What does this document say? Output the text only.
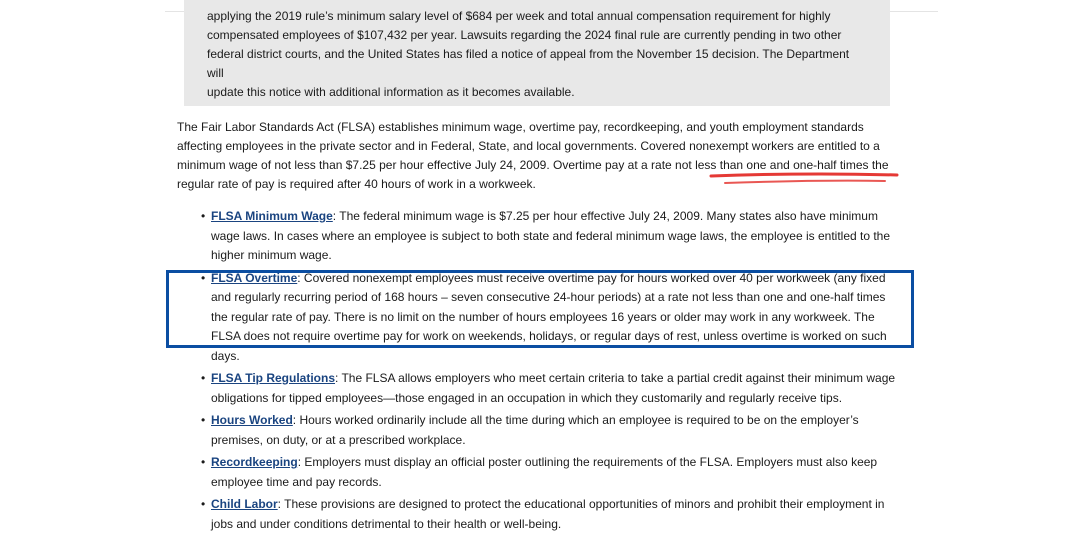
applying the 2019 rule’s minimum salary level of $684 per week and total annual compensation requirement for highly
compensated employees of $107,432 per year. Lawsuits regarding the 2024 final rule are currently pending in two other
federal district courts, and the United States has filed a notice of appeal from the November 15 decision. The Department will
update this notice with additional information as it becomes available.

The Fair Labor Standards Act (FLSA) establishes minimum wage, overtime pay, recordkeeping, and youth employment standards affecting employees in the private sector and in Federal, State, and local governments. Covered nonexempt workers are entitled to a minimum wage of not less than $7.25 per hour effective July 24, 2009. Overtime pay at a rate not less than one and one-half times the regular rate of pay is required after 40 hours of work in a workweek.

• FLSA Minimum Wage: The federal minimum wage is $7.25 per hour effective July 24, 2009. Many states also have minimum wage laws. In cases where an employee is subject to both state and federal minimum wage laws, the employee is entitled to the higher minimum wage.
• FLSA Overtime: Covered nonexempt employees must receive overtime pay for hours worked over 40 per workweek (any fixed and regularly recurring period of 168 hours – seven consecutive 24-hour periods) at a rate not less than one and one-half times the regular rate of pay. There is no limit on the number of hours employees 16 years or older may work in any workweek. The FLSA does not require overtime pay for work on weekends, holidays, or regular days of rest, unless overtime is worked on such days.
• FLSA Tip Regulations: The FLSA allows employers who meet certain criteria to take a partial credit against their minimum wage obligations for tipped employees—those engaged in an occupation in which they customarily and regularly receive tips.
• Hours Worked: Hours worked ordinarily include all the time during which an employee is required to be on the employer’s premises, on duty, or at a prescribed workplace.
• Recordkeeping: Employers must display an official poster outlining the requirements of the FLSA. Employers must also keep employee time and pay records.
• Child Labor: These provisions are designed to protect the educational opportunities of minors and prohibit their employment in jobs and under conditions detrimental to their health or well-being.
